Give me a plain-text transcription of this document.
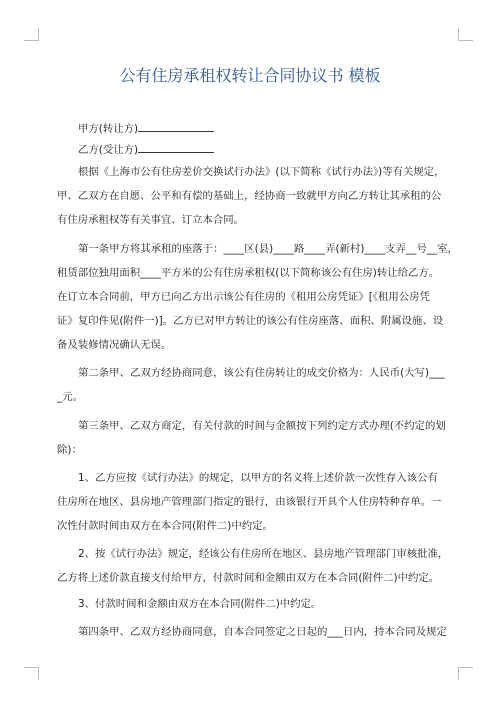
公有住房承租权转让合同协议书 模板
甲方(转让方)
乙方(受让方)
根据《上海市公有住房差价交换试行办法》(以下简称《试行办法》)等有关规定，
甲、乙双方在自愿、公平和有偿的基础上，经协商一致就甲方向乙方转让其承租的公
有住房承租权等有关事宜、订立本合同。
第一条甲方将其承租的座落于：____区(县)____路____弄(新村)____支弄__号__室，
租赁部位独用面积____平方米的公有住房承租权(以下简称该公有住房)转让给乙方。
在订立本合同前，甲方已向乙方出示该公有住房的《租用公房凭证》[《租用公房凭
证》复印件见(附件一)]。乙方已对甲方转让的该公有住房座落、面积、附属设施、设
备及装修情况确认无误。
第二条甲、乙双方经协商同意，该公有住房转让的成交价格为：人民币(大写)___
_元。
第三条甲、乙双方商定，有关付款的时间与金额按下列约定方式办理(不约定的划
除)：
1、乙方应按《试行办法》的规定，以甲方的名义将上述价款一次性存入该公有
住房所在地区、县房地产管理部门指定的银行，由该银行开具个人住房特种存单。一
次性付款时间由双方在本合同(附件二)中约定。
2、按《试行办法》规定，经该公有住房所在地区、县房地产管理部门审核批准，
乙方将上述价款直接支付给甲方，付款时间和金额由双方在本合同(附件二)中约定。
3、付款时间和金额由双方在本合同(附件二)中约定。
第四条甲、乙双方经协商同意，自本合同签定之日起的___日内，持本合同及规定
